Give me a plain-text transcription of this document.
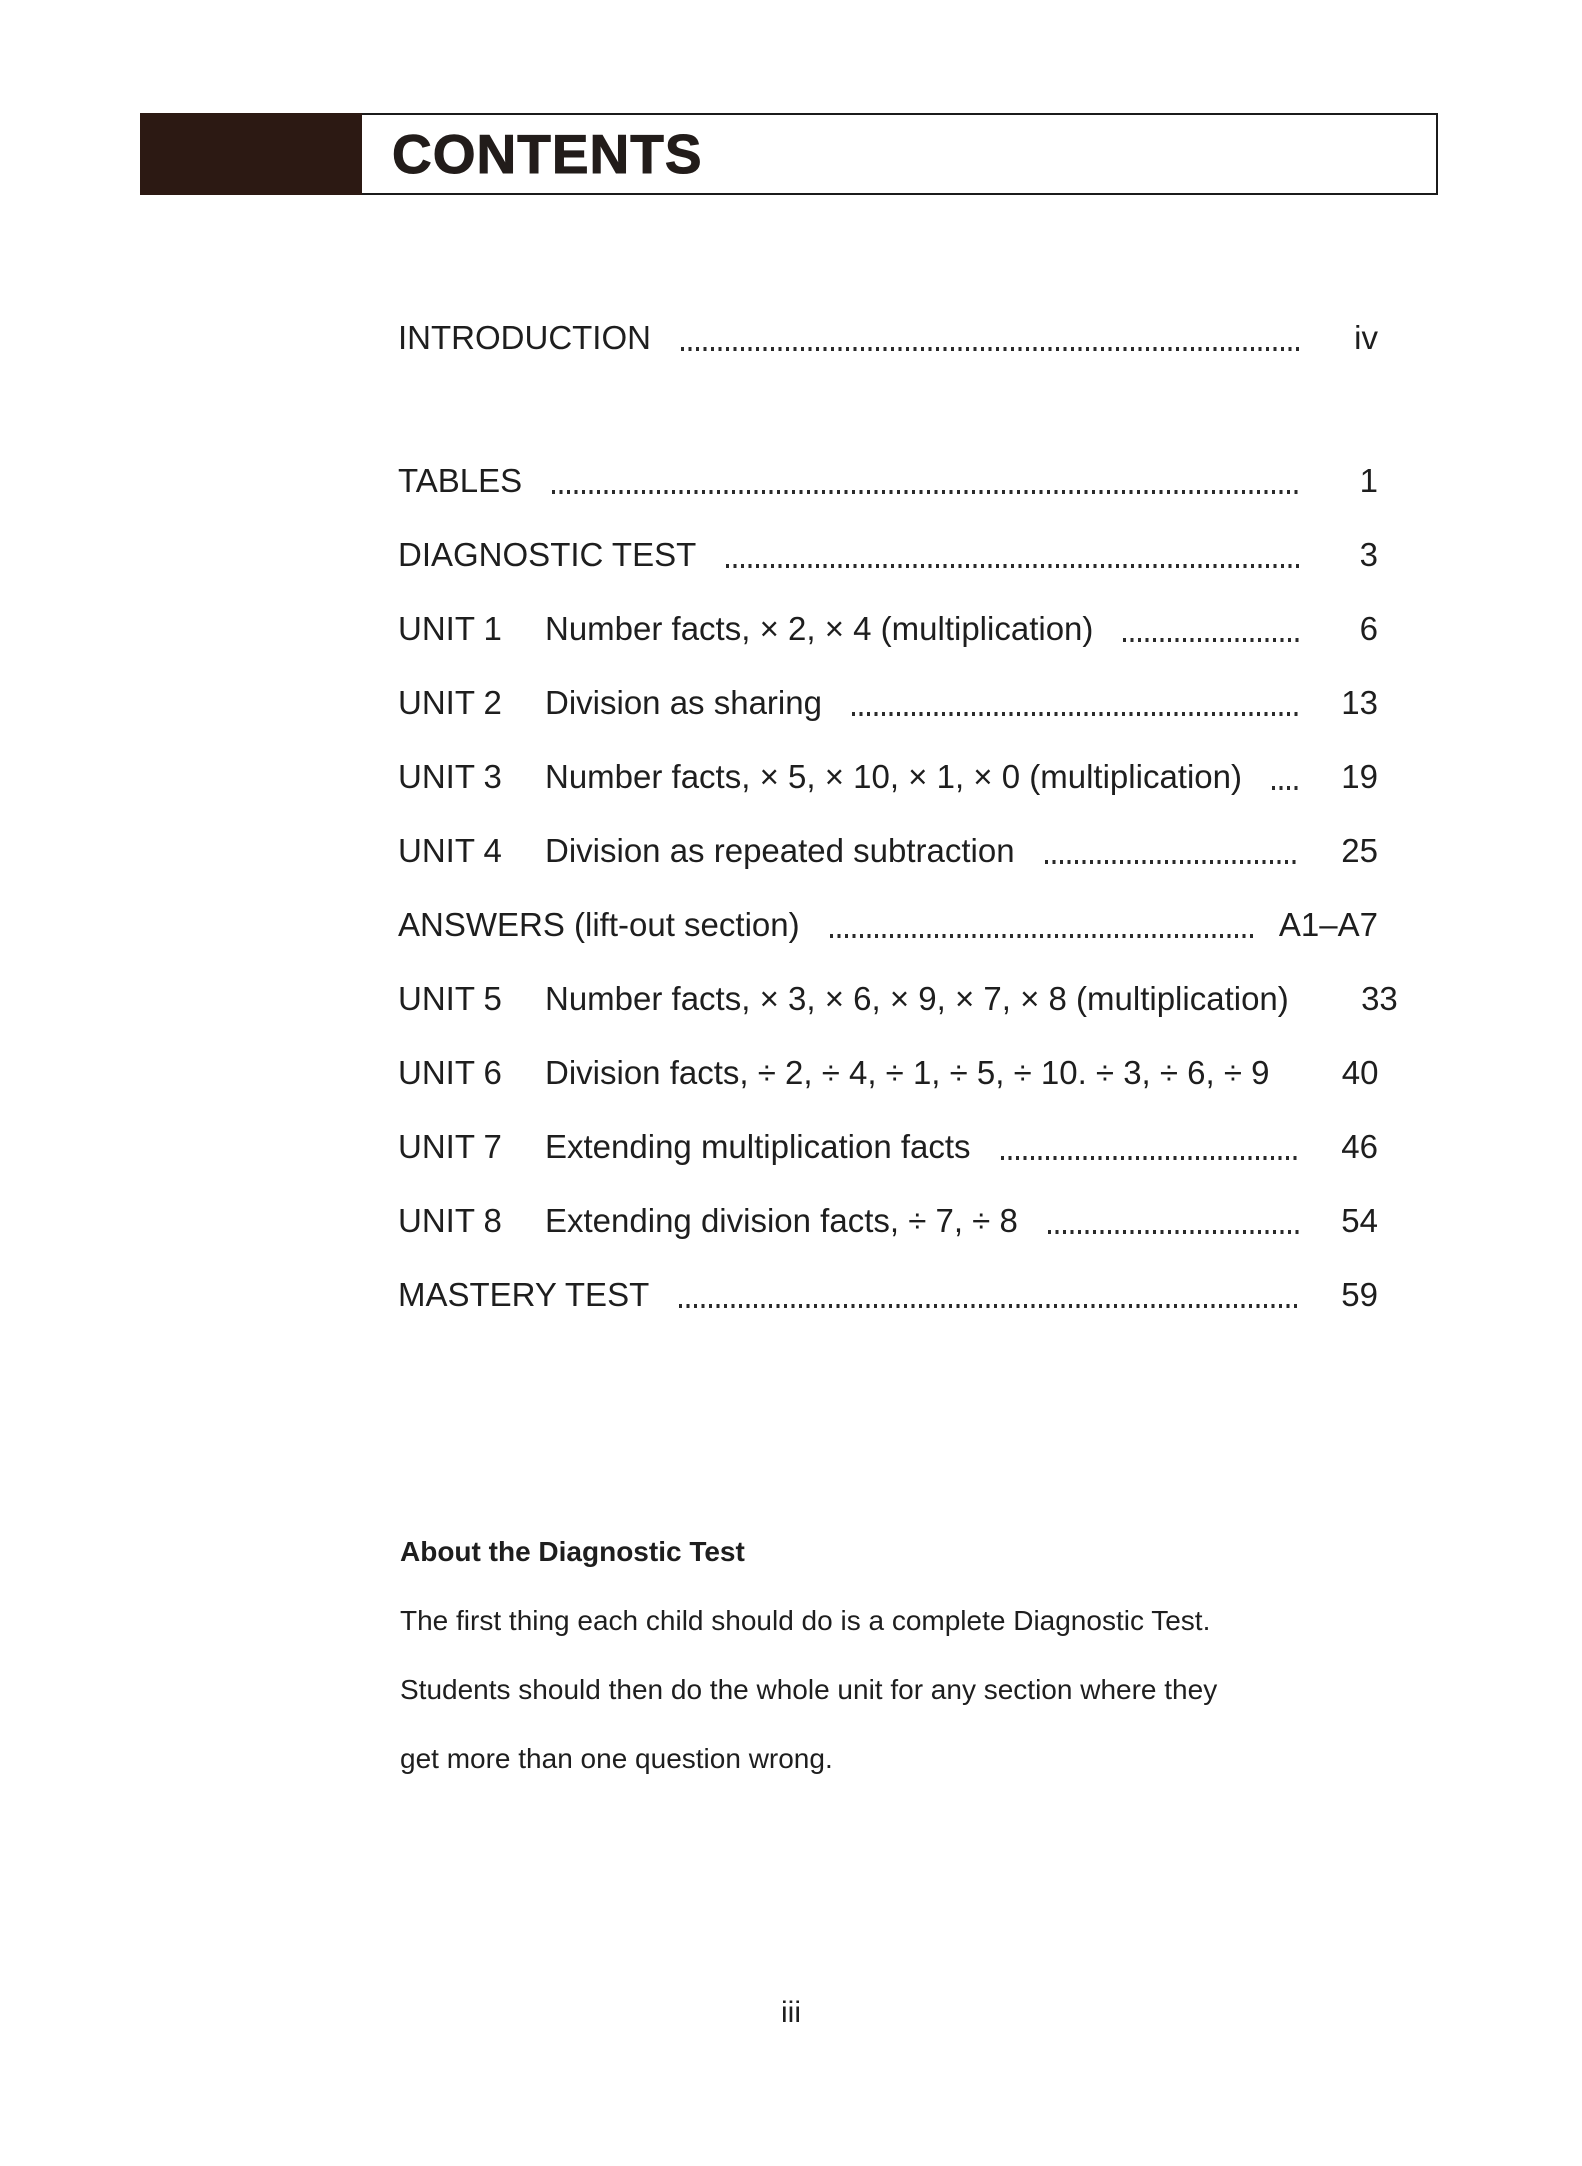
CONTENTS
INTRODUCTION	iv
TABLES	1
DIAGNOSTIC TEST	3
UNIT 1	Number facts, × 2, × 4 (multiplication)	6
UNIT 2	Division as sharing	13
UNIT 3	Number facts, × 5, × 10, × 1, × 0 (multiplication)	19
UNIT 4	Division as repeated subtraction	25
ANSWERS (lift-out section)	A1–A7
UNIT 5	Number facts, × 3, × 6, × 9, × 7, × 8 (multiplication)	33
UNIT 6	Division facts, ÷ 2, ÷ 4, ÷ 1, ÷ 5, ÷ 10. ÷ 3, ÷ 6, ÷ 9	40
UNIT 7	Extending multiplication facts	46
UNIT 8	Extending division facts, ÷ 7, ÷ 8	54
MASTERY TEST	59
About the Diagnostic Test
The first thing each child should do is a complete Diagnostic Test.
Students should then do the whole unit for any section where they
get more than one question wrong.
iii
